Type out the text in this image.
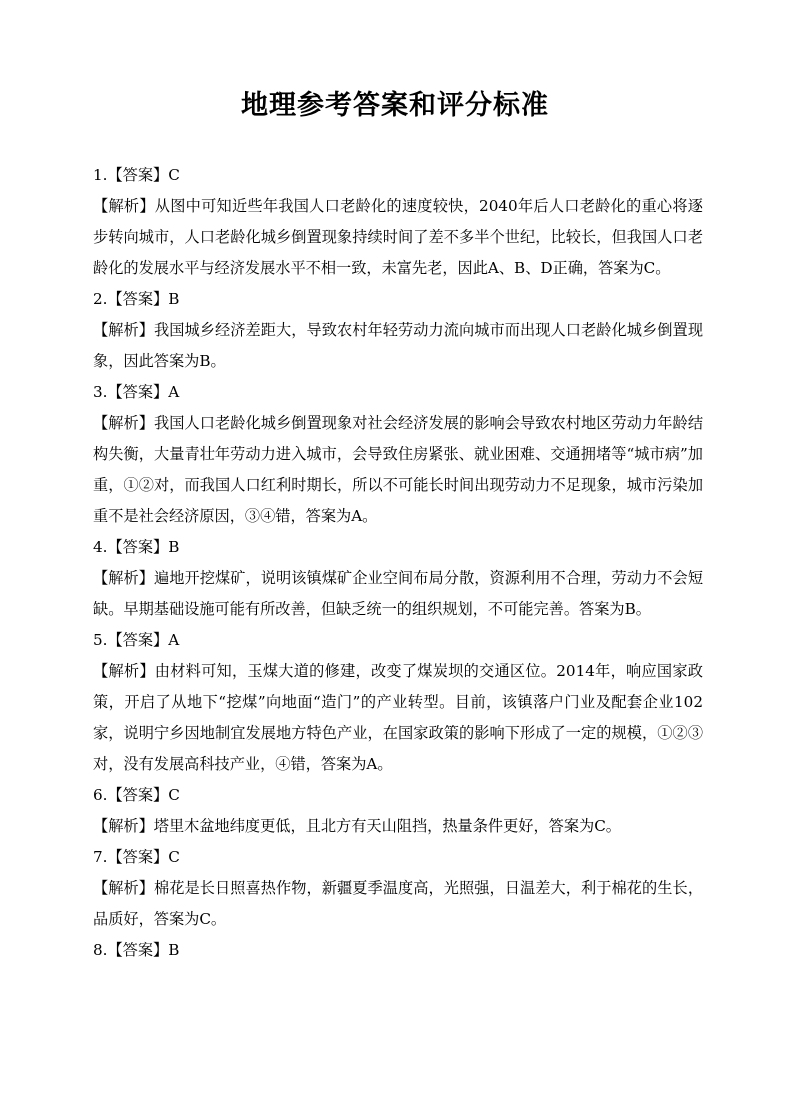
地理参考答案和评分标准

1.【答案】C

【解析】从图中可知近些年我国人口老龄化的速度较快，2040年后人口老龄化的重心将逐步转向城市，人口老龄化城乡倒置现象持续时间了差不多半个世纪，比较长，但我国人口老龄化的发展水平与经济发展水平不相一致，未富先老，因此A、B、D正确，答案为C。

2.【答案】B

【解析】我国城乡经济差距大，导致农村年轻劳动力流向城市而出现人口老龄化城乡倒置现象，因此答案为B。

3.【答案】A

【解析】我国人口老龄化城乡倒置现象对社会经济发展的影响会导致农村地区劳动力年龄结构失衡，大量青壮年劳动力进入城市，会导致住房紧张、就业困难、交通拥堵等“城市病”加重，①②对，而我国人口红利时期长，所以不可能长时间出现劳动力不足现象，城市污染加重不是社会经济原因，③④错，答案为A。

4.【答案】B

【解析】遍地开挖煤矿，说明该镇煤矿企业空间布局分散，资源利用不合理，劳动力不会短缺。早期基础设施可能有所改善，但缺乏统一的组织规划，不可能完善。答案为B。

5.【答案】A

【解析】由材料可知，玉煤大道的修建，改变了煤炭坝的交通区位。2014年，响应国家政策，开启了从地下“挖煤”向地面“造门”的产业转型。目前，该镇落户门业及配套企业102家，说明宁乡因地制宜发展地方特色产业，在国家政策的影响下形成了一定的规模，①②③对，没有发展高科技产业，④错，答案为A。

6.【答案】C

【解析】塔里木盆地纬度更低，且北方有天山阻挡，热量条件更好，答案为C。

7.【答案】C

【解析】棉花是长日照喜热作物，新疆夏季温度高，光照强，日温差大，利于棉花的生长，品质好，答案为C。

8.【答案】B
